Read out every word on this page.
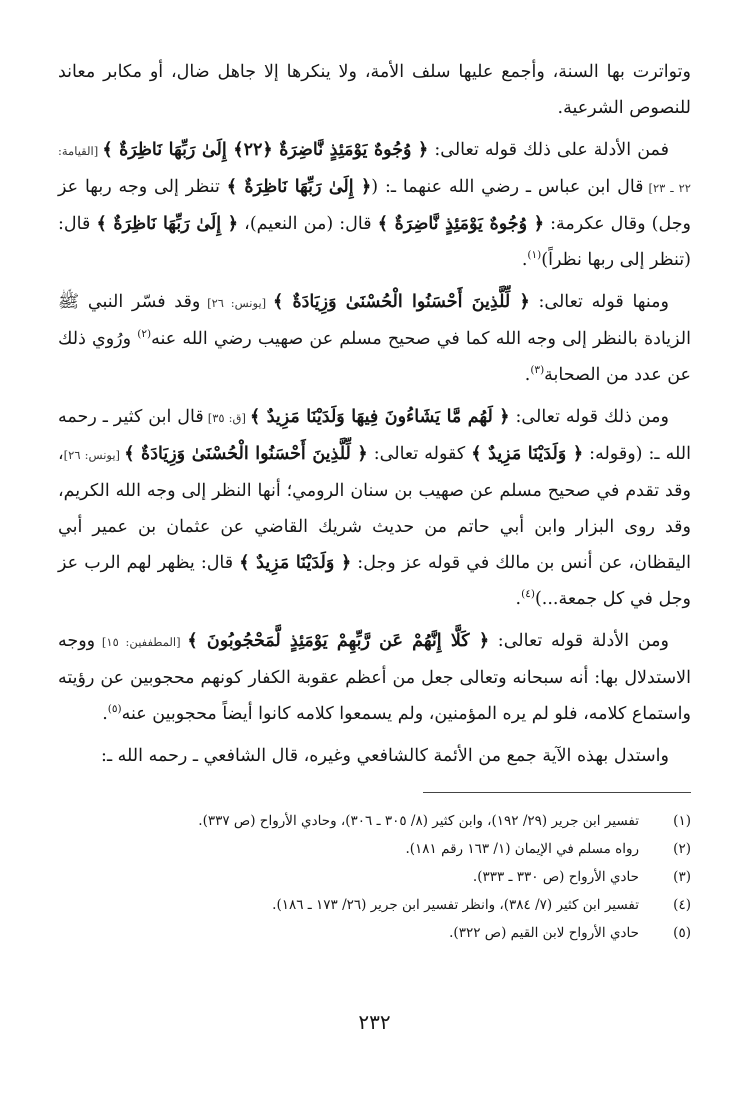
وتواترت بها السنة، وأجمع عليها سلف الأمة، ولا ينكرها إلا جاهل ضال، أو مكابر معاند للنصوص الشرعية.

فمن الأدلة على ذلك قوله تعالى: ﴿ وُجُوهٌ يَوْمَئِذٍ نَّاضِرَةٌ ﴿٢٢﴾ إِلَىٰ رَبِّهَا نَاظِرَةٌ ﴾ [القيامة: ٢٢ ـ ٢٣] قال ابن عباس ـ رضي الله عنهما ـ: (﴿ إِلَىٰ رَبِّهَا نَاظِرَةٌ ﴾ تنظر إلى وجه ربها عز وجل) وقال عكرمة: ﴿ وُجُوهٌ يَوْمَئِذٍ نَّاضِرَةٌ ﴾ قال: (من النعيم)، ﴿ إِلَىٰ رَبِّهَا نَاظِرَةٌ ﴾ قال: (تنظر إلى ربها نظراً)$^{(١)}$.

ومنها قوله تعالى: ﴿ لِّلَّذِينَ أَحْسَنُوا الْحُسْنَىٰ وَزِيَادَةٌ ﴾ [يونس: ٢٦] وقد فسّر النبي ﷺ الزيادة بالنظر إلى وجه الله كما في صحيح مسلم عن صهيب رضي الله عنه$^{(٢)}$ ورُوي ذلك عن عدد من الصحابة$^{(٣)}$.

ومن ذلك قوله تعالى: ﴿ لَهُم مَّا يَشَاءُونَ فِيهَا وَلَدَيْنَا مَزِيدٌ ﴾ [ق: ٣٥] قال ابن كثير ـ رحمه الله ـ: (وقوله: ﴿ وَلَدَيْنَا مَزِيدٌ ﴾ كقوله تعالى: ﴿ لِّلَّذِينَ أَحْسَنُوا الْحُسْنَىٰ وَزِيَادَةٌ ﴾ [يونس: ٢٦]، وقد تقدم في صحيح مسلم عن صهيب بن سنان الرومي؛ أنها النظر إلى وجه الله الكريم، وقد روى البزار وابن أبي حاتم من حديث شريك القاضي عن عثمان بن عمير أبي اليقظان، عن أنس بن مالك في قوله عز وجل: ﴿ وَلَدَيْنَا مَزِيدٌ ﴾ قال: يظهر لهم الرب عز وجل في كل جمعة...)$^{(٤)}$.

ومن الأدلة قوله تعالى: ﴿ كَلَّا إِنَّهُمْ عَن رَّبِّهِمْ يَوْمَئِذٍ لَّمَحْجُوبُونَ ﴾ [المطففين: ١٥] ووجه الاستدلال بها: أنه سبحانه وتعالى جعل من أعظم عقوبة الكفار كونهم محجوبين عن رؤيته واستماع كلامه، فلو لم يره المؤمنين، ولم يسمعوا كلامه كانوا أيضاً محجوبين عنه$^{(٥)}$.

واستدل بهذه الآية جمع من الأئمة كالشافعي وغيره، قال الشافعي ـ رحمه الله ـ:

(١)
تفسير ابن جرير (٢٩/ ١٩٢)، وابن كثير (٨/ ٣٠٥ ـ ٣٠٦)، وحادي الأرواح (ص ٣٣٧).
(٢)
رواه مسلم في الإيمان (١/ ١٦٣ رقم ١٨١).
(٣)
حادي الأرواح (ص ٣٣٠ ـ ٣٣٣).
(٤)
تفسير ابن كثير (٧/ ٣٨٤)، وانظر تفسير ابن جرير (٢٦/ ١٧٣ ـ ١٨٦).
(٥)
حادي الأرواح لابن القيم (ص ٣٢٢).
٢٣٢
